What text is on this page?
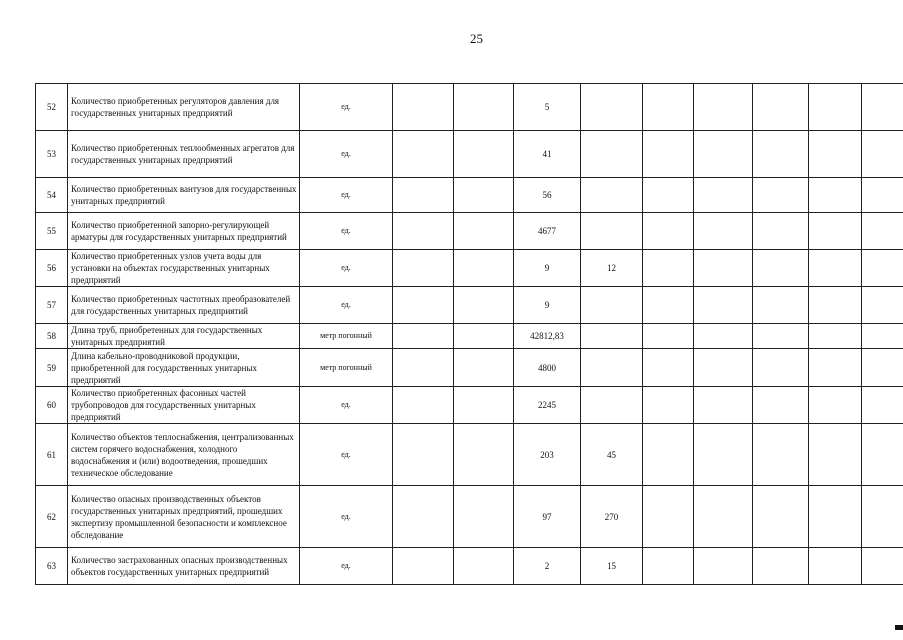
25
52	Количество приобретенных регуляторов давления для государственных унитарных предприятий	ед.			5							
53	Количество приобретенных теплообменных агрегатов для государственных унитарных предприятий	ед.			41							
54	Количество приобретенных вантузов для государственных унитарных предприятий	ед.			56							
55	Количество приобретенной запорно-регулирующей арматуры для государственных унитарных предприятий	ед.			4677							
56	Количество приобретенных узлов учета воды для установки на объектах государственных унитарных предприятий	ед.			9	12						
57	Количество приобретенных частотных преобразователей для государственных унитарных предприятий	ед.			9							
58	Длина труб, приобретенных для государственных унитарных предприятий	метр погонный			42812,83							
59	Длина кабельно-проводниковой продукции, приобретенной для государственных унитарных предприятий	метр погонный			4800							
60	Количество приобретенных фасонных частей трубопроводов для государственных унитарных предприятий	ед.			2245							
61	Количество объектов теплоснабжения, централизованных систем горячего водоснабжения, холодного водоснабжения и (или) водоотведения, прошедших техническое обследование	ед.			203	45						
62	Количество опасных производственных объектов государственных унитарных предприятий, прошедших экспертизу промышленной безопасности и комплексное обследование	ед.			97	270						
63	Количество застрахованных опасных производственных объектов государственных унитарных предприятий	ед.			2	15						
